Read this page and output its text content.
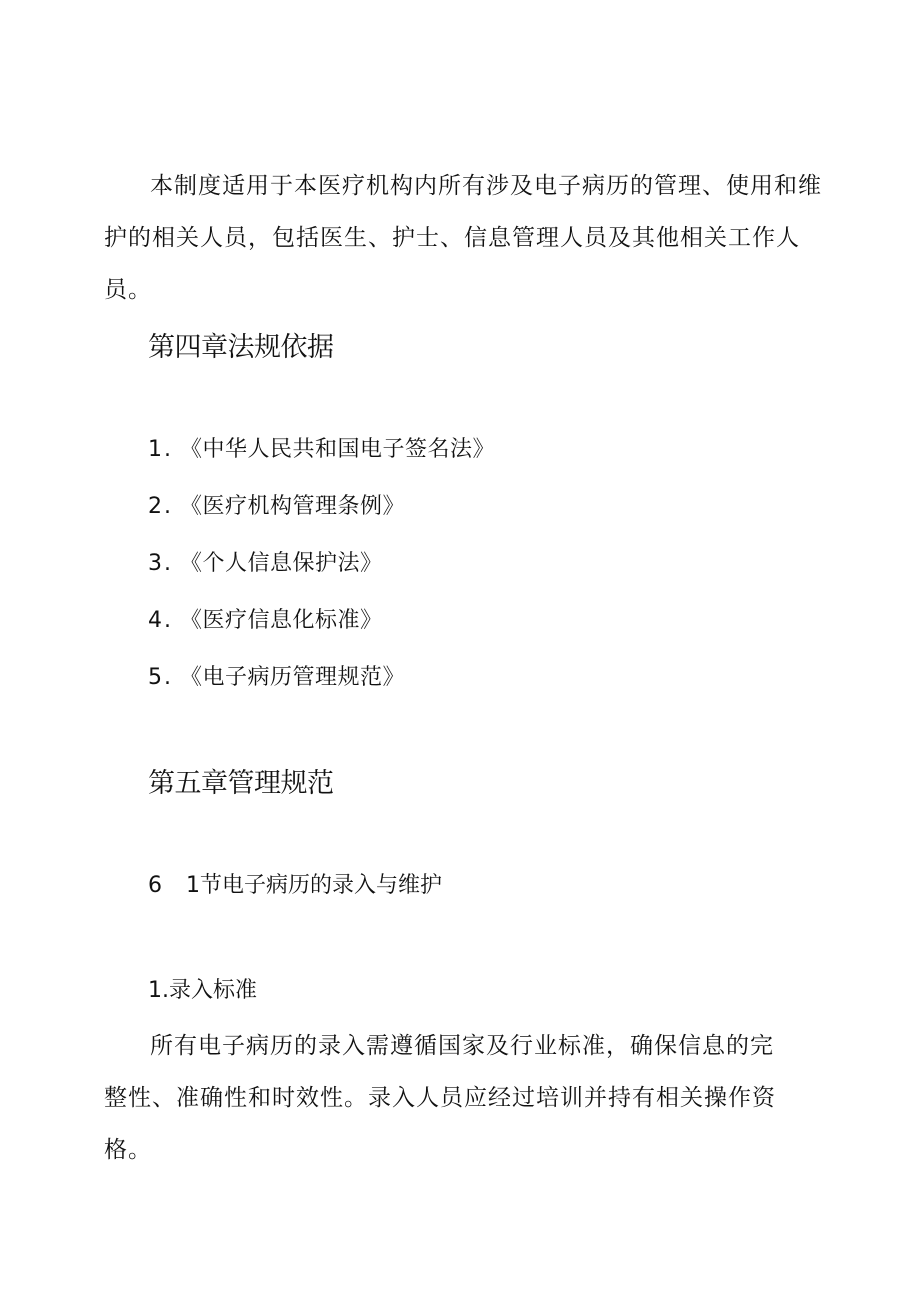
本制度适用于本医疗机构内所有涉及电子病历的管理、使用和维护的相关人员，包括医生、护士、信息管理人员及其他相关工作人员。

第四章法规依据
1. 《中华人民共和国电子签名法》
2. 《医疗机构管理条例》
3. 《个人信息保护法》
4. 《医疗信息化标准》
5. 《电子病历管理规范》
第五章管理规范
6 1节电子病历的录入与维护
1.录入标准

所有电子病历的录入需遵循国家及行业标准，确保信息的完整性、准确性和时效性。录入人员应经过培训并持有相关操作资格。
